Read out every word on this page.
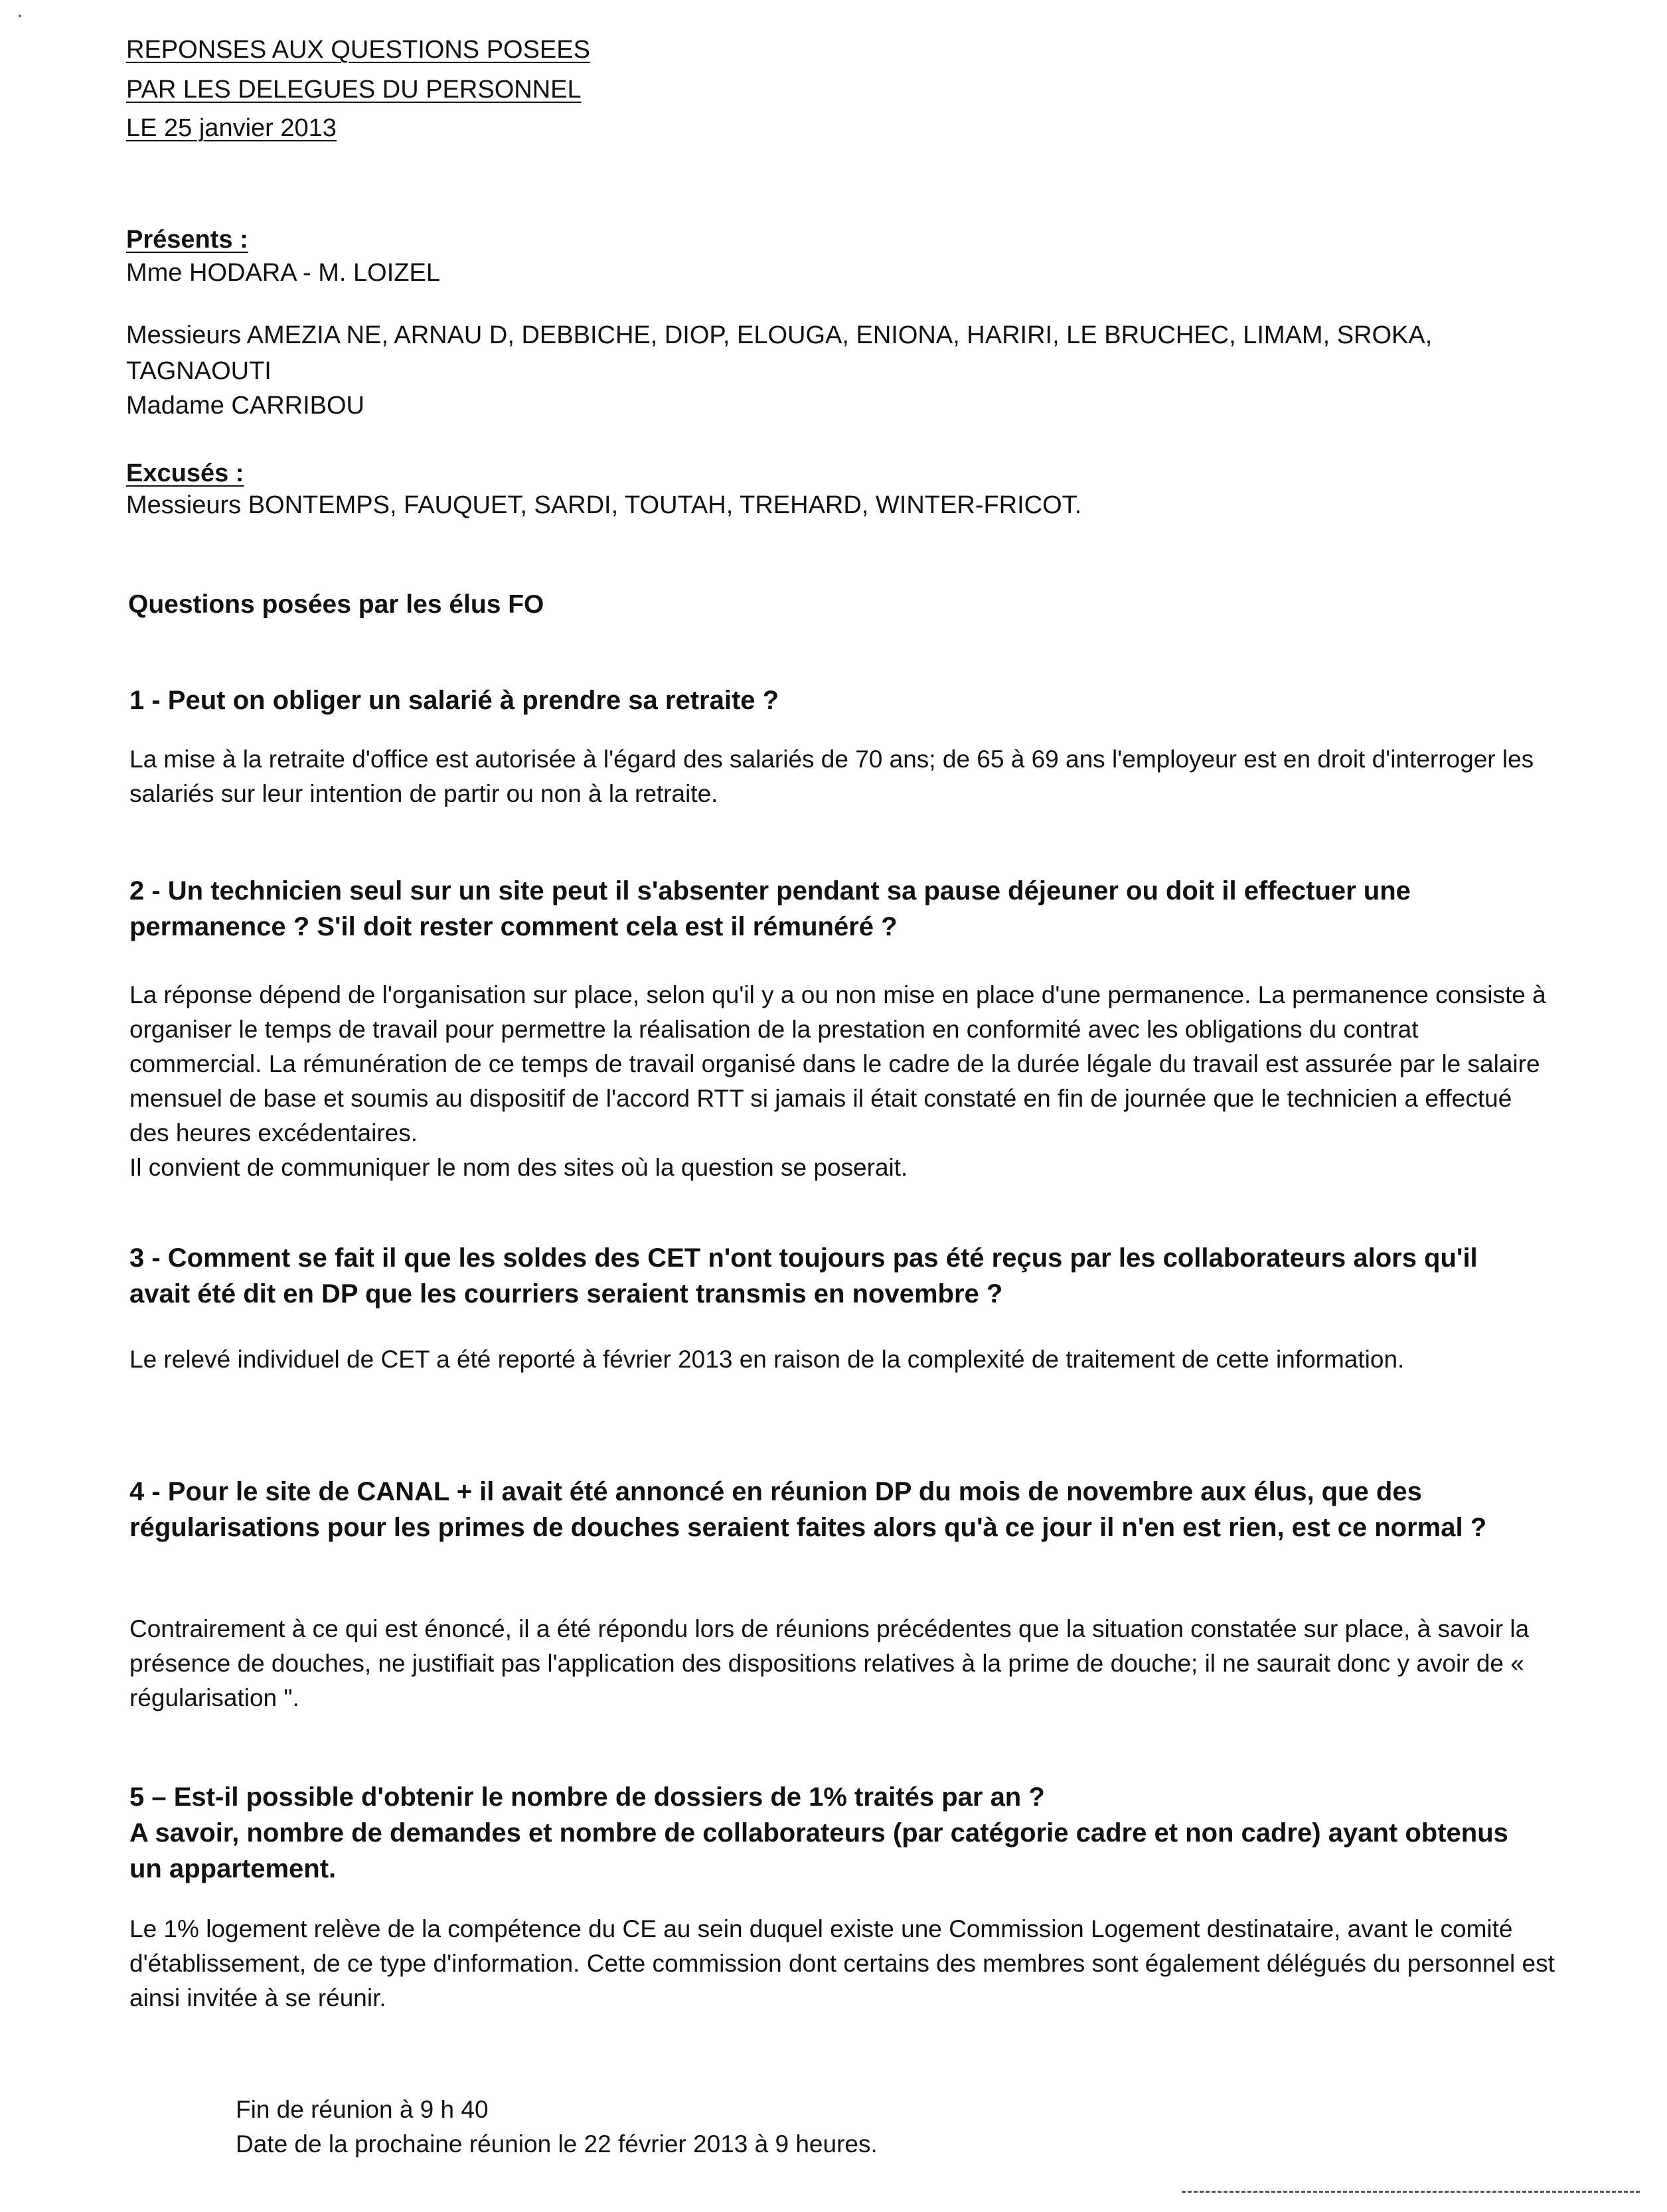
REPONSES AUX QUESTIONS POSEES
PAR LES DELEGUES DU PERSONNEL
LE 25 janvier 2013
Présents :
Mme HODARA - M. LOIZEL
Messieurs AMEZIA NE, ARNAU D, DEBBICHE, DIOP, ELOUGA, ENIONA, HARIRI, LE BRUCHEC, LIMAM, SROKA,
TAGNAOUTI
Madame CARRIBOU
Excusés :
Messieurs BONTEMPS, FAUQUET, SARDI, TOUTAH, TREHARD, WINTER-FRICOT.
Questions posées par les élus FO
1 - Peut on obliger un salarié à prendre sa retraite ?
La mise à la retraite d'office est autorisée à l'égard des salariés de 70 ans; de 65 à 69 ans l'employeur est en droit d'interroger les salariés sur leur intention de partir ou non à la retraite.
2 - Un technicien seul sur un site peut il s'absenter pendant sa pause déjeuner ou doit il effectuer une permanence ? S'il doit rester comment cela est il rémunéré ?
La réponse dépend de l'organisation sur place, selon qu'il y a ou non mise en place d'une permanence. La permanence consiste à organiser le temps de travail pour permettre la réalisation de la prestation en conformité avec les obligations du contrat commercial. La rémunération de ce temps de travail organisé dans le cadre de la durée légale du travail est assurée par le salaire mensuel de base et soumis au dispositif de l'accord RTT si jamais il était constaté en fin de journée que le technicien a effectué des heures excédentaires.
Il convient de communiquer le nom des sites où la question se poserait.
3 - Comment se fait il que les soldes des CET n'ont toujours pas été reçus par les collaborateurs alors qu'il avait été dit en DP que les courriers seraient transmis en novembre ?
Le relevé individuel de CET a été reporté à février 2013 en raison de la complexité de traitement de cette information.
4 - Pour le site de CANAL + il avait été annoncé en réunion DP du mois de novembre aux élus, que des régularisations pour les primes de douches seraient faites alors qu'à ce jour il n'en est rien, est ce normal ?
Contrairement à ce qui est énoncé, il a été répondu lors de réunions précédentes que la situation constatée sur place, à savoir la présence de douches, ne justifiait pas l'application des dispositions relatives à la prime de douche; il ne saurait donc y avoir de « régularisation ".
5 – Est-il possible d'obtenir le nombre de dossiers de 1% traités par an ?
A savoir, nombre de demandes et nombre de collaborateurs (par catégorie cadre et non cadre) ayant obtenus un appartement.
Le 1% logement relève de la compétence du CE au sein duquel existe une Commission Logement destinataire, avant le comité d'établissement, de ce type d'information. Cette commission dont certains des membres sont également délégués du personnel est ainsi invitée à se réunir.
Fin de réunion à 9 h 40
Date de la prochaine réunion le 22 février 2013 à 9 heures.
